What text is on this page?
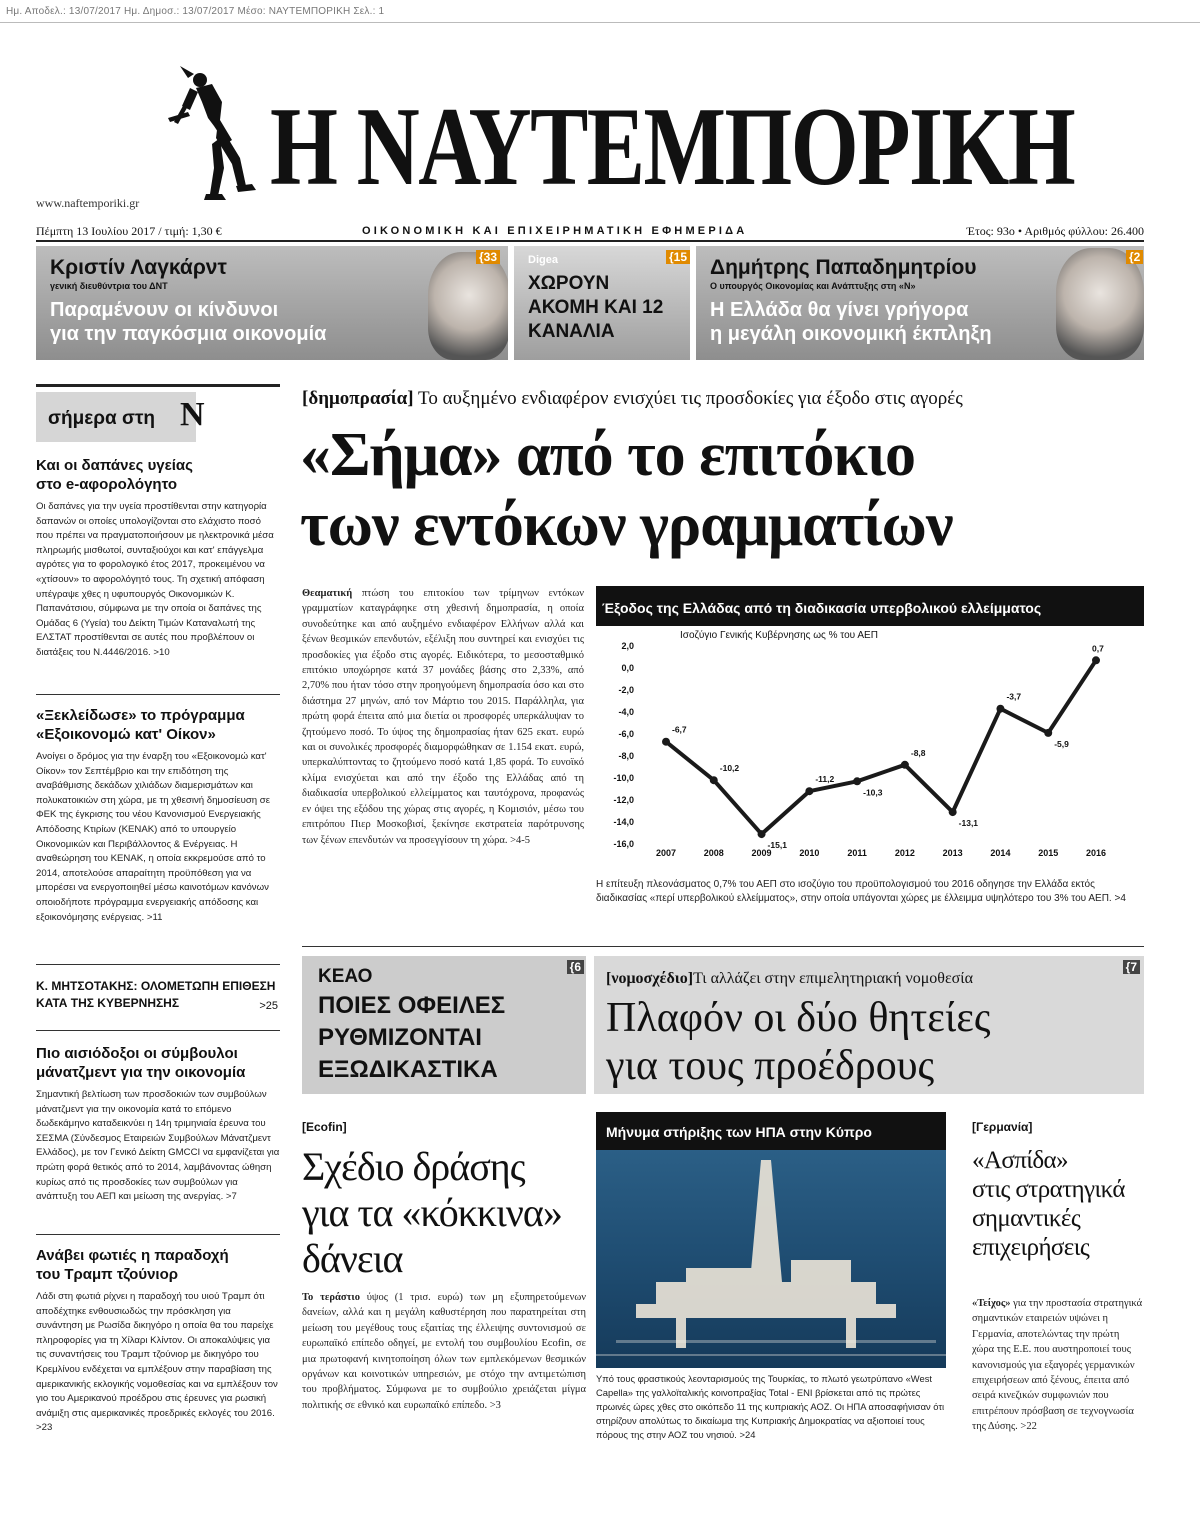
Ημ. Αποδελ.: 13/07/2017 Ημ. Δημοσ.: 13/07/2017 Μέσο: ΝΑΥΤΕΜΠΟΡΙΚΗ Σελ.: 1
Η ΝΑΥΤΕΜΠΟΡΙΚΗ
www.naftemporiki.gr
Πέμπτη 13 Ιουλίου 2017 / τιμή: 1,30 €	ΟΙΚΟΝΟΜΙΚΗ ΚΑΙ ΕΠΙΧΕΙΡΗΜΑΤΙΚΗ ΕΦΗΜΕΡΙΔΑ	Έτος: 93ο • Αριθμός φύλλου: 26.400
Κριστίν Λαγκάρντ
γενική διευθύντρια του ΔΝΤ
Παραμένουν οι κίνδυνοι
για την παγκόσμια οικονομία
{33	Digea	{15
ΧΩΡΟΥΝ
ΑΚΟΜΗ ΚΑΙ 12
ΚΑΝΑΛΙΑ
Δημήτρης Παπαδημητρίου
Ο υπουργός Οικονομίας και Ανάπτυξης στη «Ν»
Η Ελλάδα θα γίνει γρήγορα
η μεγάλη οικονομική έκπληξη
{2
σήμερα στη Ν
Και οι δαπάνες υγείας
στο e-αφορολόγητο
Οι δαπάνες για την υγεία προστίθενται στην κατηγορία δαπανών οι οποίες υπολογίζονται στο ελάχιστο ποσό που πρέπει να πραγματοποιήσουν με ηλεκτρονικά μέσα πληρωμής μισθωτοί, συνταξιούχοι και κατ' επάγγελμα αγρότες για το φορολογικό έτος 2017, προκειμένου να «χτίσουν» το αφορολόγητό τους. Τη σχετική απόφαση υπέγραψε χθες η υφυπουργός Οικονομικών Κ. Παπανάτσιου, σύμφωνα με την οποία οι δαπάνες της Ομάδας 6 (Υγεία) του Δείκτη Τιμών Καταναλωτή της ΕΛΣΤΑΤ προστίθενται σε αυτές που προβλέπουν οι διατάξεις του Ν.4446/2016. >10
«Ξεκλείδωσε» το πρόγραμμα
«Εξοικονομώ κατ' Οίκον»
Ανοίγει ο δρόμος για την έναρξη του «Εξοικονομώ κατ' Οίκον» τον Σεπτέμβριο και την επιδότηση της αναβάθμισης δεκάδων χιλιάδων διαμερισμάτων και πολυκατοικιών στη χώρα, με τη χθεσινή δημοσίευση σε ΦΕΚ της έγκρισης του νέου Κανονισμού Ενεργειακής Απόδοσης Κτιρίων (ΚΕΝΑΚ) από το υπουργείο Οικονομικών και Περιβάλλοντος & Ενέργειας. Η αναθεώρηση του ΚΕΝΑΚ, η οποία εκκρεμούσε από το 2014, αποτελούσε απαραίτητη προϋπόθεση για να μπορέσει να ενεργοποιηθεί μέσω καινοτόμων κανόνων οποιοδήποτε πρόγραμμα ενεργειακής απόδοσης και εξοικονόμησης ενέργειας. >11
Κ. ΜΗΤΣΟΤΑΚΗΣ: ΟΛΟΜΕΤΩΠΗ ΕΠΙΘΕΣΗ
ΚΑΤΑ ΤΗΣ ΚΥΒΕΡΝΗΣΗΣ	>25
Πιο αισιόδοξοι οι σύμβουλοι
μάνατζμεντ για την οικονομία
Σημαντική βελτίωση των προσδοκιών των συμβούλων μάνατζμεντ για την οικονομία κατά το επόμενο δωδεκάμηνο καταδεικνύει η 14η τριμηνιαία έρευνα του ΣΕΣΜΑ (Σύνδεσμος Εταιρειών Συμβούλων Μάνατζμεντ Ελλάδος), με τον Γενικό Δείκτη GMCCI να εμφανίζεται για πρώτη φορά θετικός από το 2014, λαμβάνοντας ώθηση κυρίως από τις προσδοκίες των συμβούλων για ανάπτυξη του ΑΕΠ και μείωση της ανεργίας. >7
Ανάβει φωτιές η παραδοχή
του Τραμπ τζούνιορ
Λάδι στη φωτιά ρίχνει η παραδοχή του υιού Τραμπ ότι αποδέχτηκε ενθουσιωδώς την πρόσκληση για συνάντηση με Ρωσίδα δικηγόρο η οποία θα του παρείχε πληροφορίες για τη Χίλαρι Κλίντον. Οι αποκαλύψεις για τις συναντήσεις του Τραμπ τζούνιορ με δικηγόρο του Κρεμλίνου ενδέχεται να εμπλέξουν στην παραβίαση της αμερικανικής εκλογικής νομοθεσίας και να εμπλέξουν τον γιο του Αμερικανού προέδρου στις έρευνες για ρωσική ανάμιξη στις αμερικανικές προεδρικές εκλογές του 2016. >23
[δημοπρασία] Το αυξημένο ενδιαφέρον ενισχύει τις προσδοκίες για έξοδο στις αγορές
«Σήμα» από το επιτόκιο
των εντόκων γραμματίων
Θεαματική πτώση του επιτοκίου των τρίμηνων εντόκων γραμματίων καταγράφηκε στη χθεσινή δημοπρασία, η οποία συνοδεύτηκε και από αυξημένο ενδιαφέρον Ελλήνων αλλά και ξένων θεσμικών επενδυτών, εξέλιξη που συντηρεί και ενισχύει τις προσδοκίες για έξοδο στις αγορές. Ειδικότερα, το μεσοσταθμικό επιτόκιο υποχώρησε κατά 37 μονάδες βάσης στο 2,33%, από 2,70% που ήταν τόσο στην προηγούμενη δημοπρασία όσο και στο διάστημα 27 μηνών, από τον Μάρτιο του 2015. Παράλληλα, για πρώτη φορά έπειτα από μια διετία οι προσφορές υπερκάλυψαν το ζητούμενο ποσό. Το ύψος της δημοπρασίας ήταν 625 εκατ. ευρώ και οι συνολικές προσφορές διαμορφώθηκαν σε 1.154 εκατ. ευρώ, υπερκαλύπτοντας το ζητούμενο ποσό κατά 1,85 φορά. Το ευνοϊκό κλίμα ενισχύεται και από την έξοδο της Ελλάδας από τη διαδικασία υπερβολικού ελλείμματος και ταυτόχρονα, προφανώς εν όψει της εξόδου της χώρας στις αγορές, η Κομισιόν, μέσω του επιτρόπου Πιερ Μοσκοβισί, ξεκίνησε εκστρατεία παρότρυνσης των ξένων επενδυτών να προσεγγίσουν τη χώρα. >4-5
Έξοδος της Ελλάδας από τη διαδικασία υπερβολικού ελλείμματος
Ισοζύγιο Γενικής Κυβέρνησης ως % του ΑΕΠ
2,0
0,0
-2,0
-4,0
-6,0
-8,0
-10,0
-12,0
-14,0
-16,0
2007	2008	2009	2010	2011	2012	2013	2014	2015	2016
-6,7
-10,2
-15,1
-11,2
-10,3
-8,8
-13,1
-3,7
-5,9
0,7
Η επίτευξη πλεονάσματος 0,7% του ΑΕΠ στο ισοζύγιο του προϋπολογισμού του 2016 οδηγησε την Ελλάδα εκτός διαδικασίας «περί υπερβολικού ελλείμματος», στην οποία υπάγονται χώρες με έλλειμμα υψηλότερο του 3% του ΑΕΠ. >4
ΚΕΑΟ
ΠΟΙΕΣ ΟΦΕΙΛΕΣ
ΡΥΘΜΙΖΟΝΤΑΙ
ΕΞΩΔΙΚΑΣΤΙΚΑ
{6
[νομοσχέδιο]Τι αλλάζει στην επιμελητηριακή νομοθεσία
Πλαφόν οι δύο θητείες
για τους προέδρους
{7
[Ecofin]
Σχέδιο δράσης
για τα «κόκκινα»
δάνεια
Το τεράστιο ύψος (1 τρισ. ευρώ) των μη εξυπηρετούμενων δανείων, αλλά και η μεγάλη καθυστέρηση που παρατηρείται στη μείωση του μεγέθους τους εξαιτίας της έλλειψης συντονισμού σε ευρωπαϊκό επίπεδο οδηγεί, με εντολή του συμβουλίου Ecofin, σε μια πρωτοφανή κινητοποίηση όλων των εμπλεκόμενων θεσμικών οργάνων και κοινοτικών υπηρεσιών, με στόχο την αντιμετώπιση του προβλήματος. Σύμφωνα με το συμβούλιο χρειάζεται μίγμα πολιτικής σε εθνικό και ευρωπαϊκό επίπεδο. >3
Μήνυμα στήριξης των ΗΠΑ στην Κύπρο
Υπό τους φραστικούς λεονταρισμούς της Τουρκίας, το πλωτό γεωτρύπανο «West Capella» της γαλλοϊταλικής κοινοπραξίας Total - ENI βρίσκεται από τις πρώτες πρωινές ώρες χθες στο οικόπεδο 11 της κυπριακής ΑΟΖ. Οι ΗΠΑ αποσαφήνισαν ότι στηρίζουν απολύτως το δικαίωμα της Κυπριακής Δημοκρατίας να αξιοποιεί τους πόρους της στην ΑΟΖ του νησιού. >24
[Γερμανία]
«Ασπίδα»
στις στρατηγικά
σημαντικές
επιχειρήσεις
«Τείχος» για την προστασία στρατηγικά σημαντικών εταιρειών υψώνει η Γερμανία, αποτελώντας την πρώτη χώρα της Ε.Ε. που αυστηροποιεί τους κανονισμούς για εξαγορές γερμανικών επιχειρήσεων από ξένους, έπειτα από σειρά κινεζικών συμφωνιών που επιτρέπουν πρόσβαση σε τεχνογνωσία της Δύσης. >22
